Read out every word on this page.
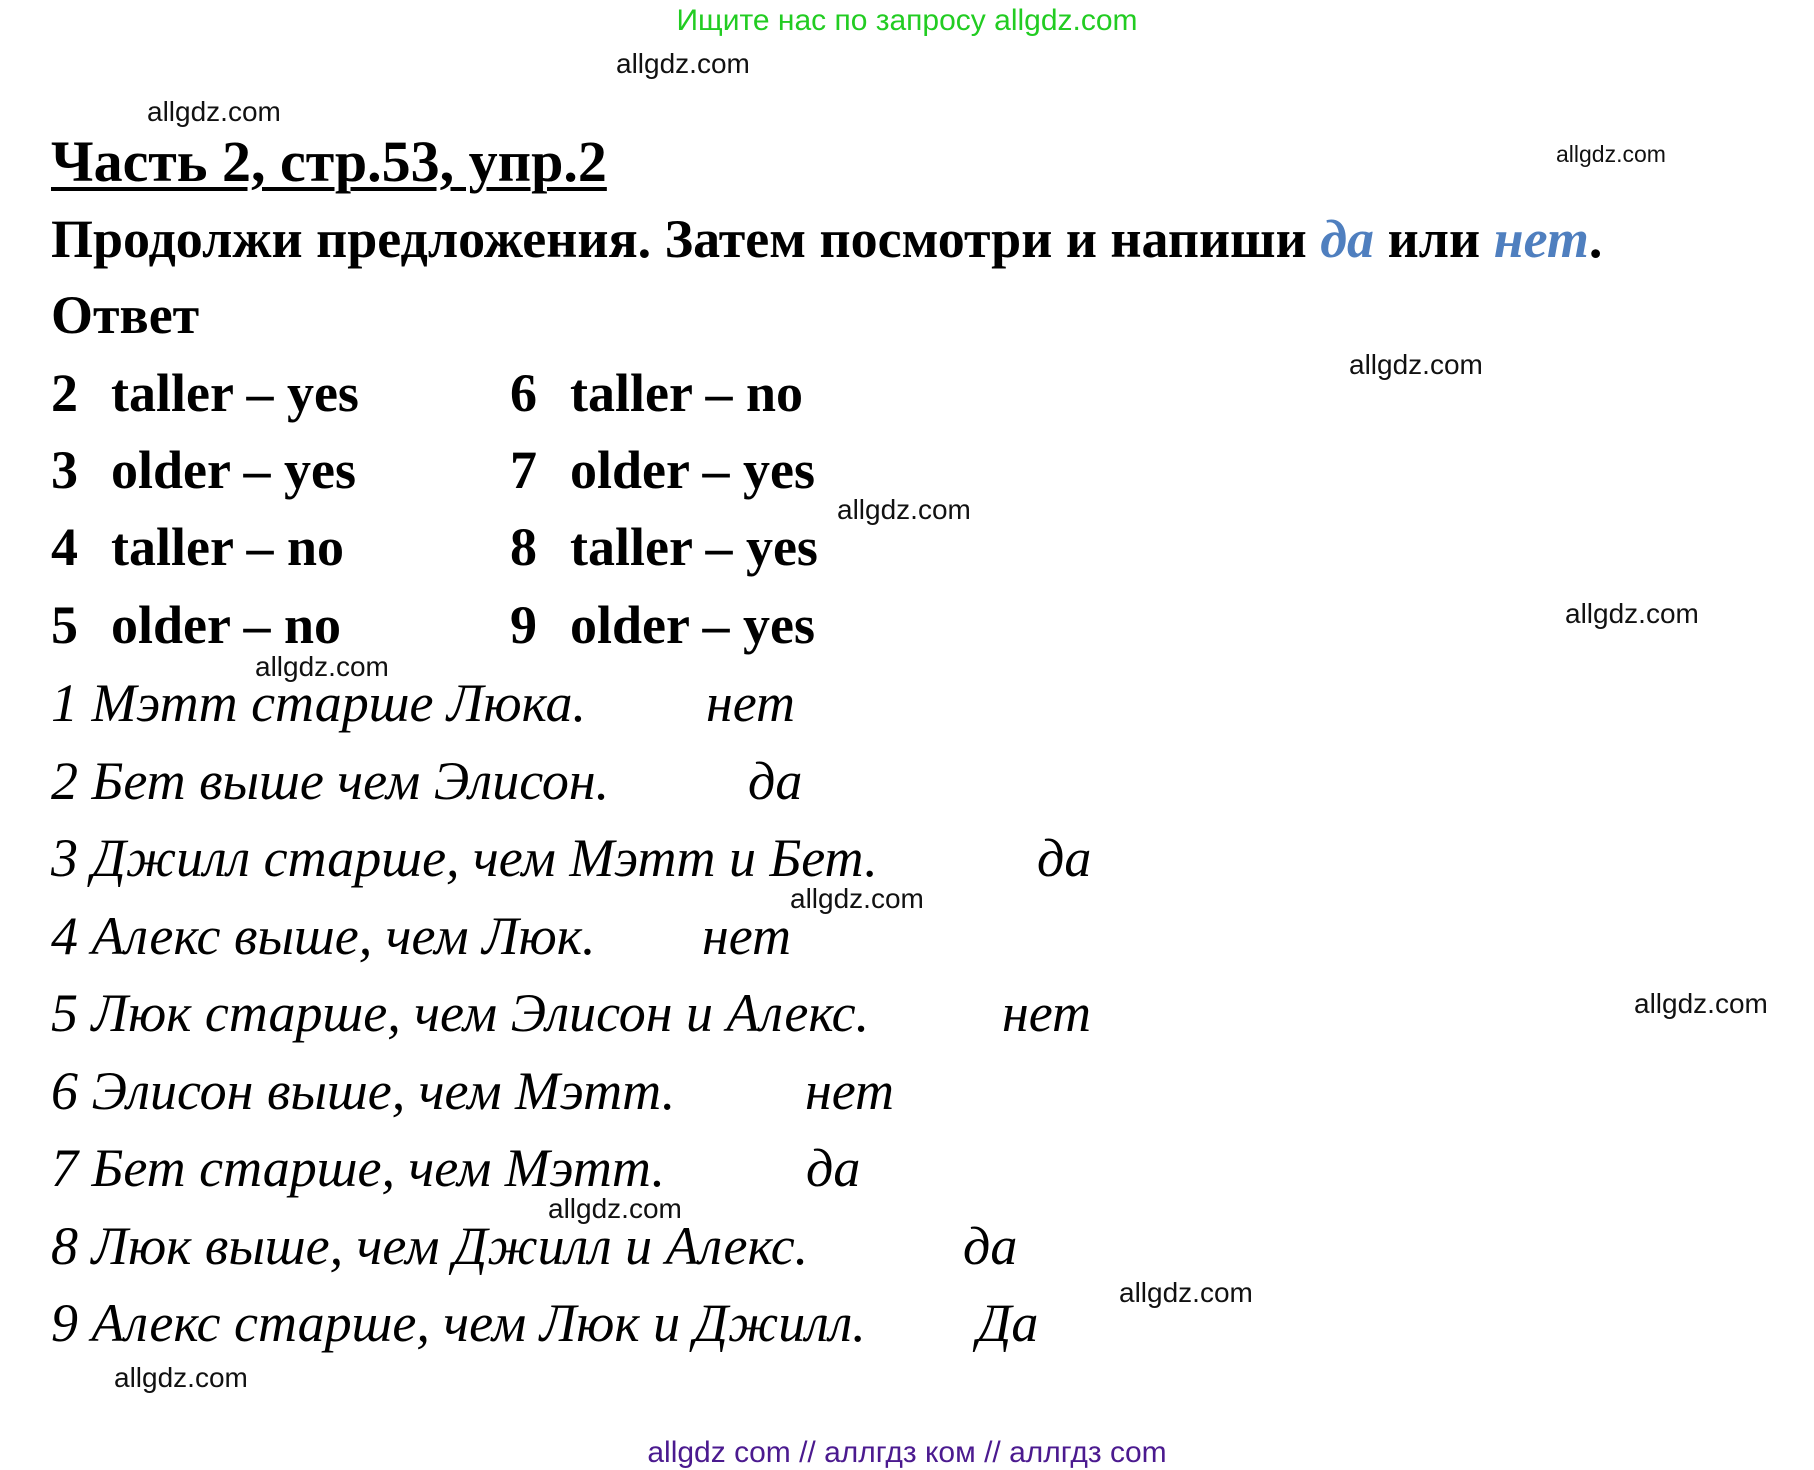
Ищите нас по запросу allgdz.com
allgdz.com
allgdz.com
allgdz.com
allgdz.com
allgdz.com
allgdz.com
allgdz.com
allgdz.com
allgdz.com
allgdz.com
allgdz.com
allgdz.com
Часть 2, стр.53, упр.2
Продолжи предложения. Затем посмотри и напиши да или нет.
Ответ
2 taller – yes
3 older – yes
4 taller – no
5 older – no
6 taller – no
7 older – yes
8 taller – yes
9 older – yes
1 Мэтт старше Люка. нет
2 Бет выше чем Элисон.	да
3 Джилл старше, чем Мэтт и Бет.	да
4 Алекс выше, чем Люк. нет
5 Люк старше, чем Элисон и Алекс. нет
6 Элисон выше, чем Мэтт. нет
7 Бет старше, чем Мэтт.	да
8 Люк выше, чем Джилл и Алекс.	да
9 Алекс старше, чем Люк и Джилл. Да
allgdz com // аллгдз ком // аллгдз com
